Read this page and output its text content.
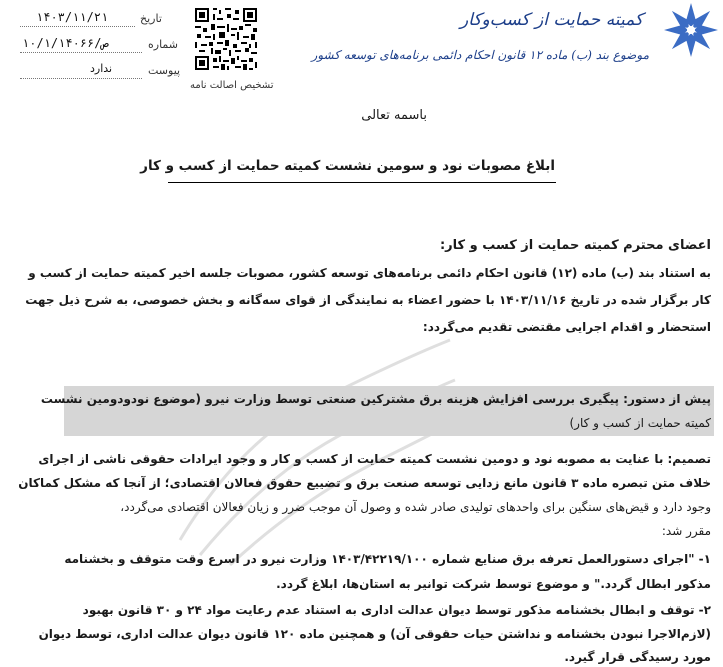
کمیته حمایت از کسب‌وکار
موضوع بند (ب) ماده ۱۲ قانون احکام دائمی برنامه‌های توسعه کشور
تاریخ
۱۴۰۳/۱۱/۲۱
شماره
۱۰/۱/۱۴۰۶۶/ص
پیوست
ندارد
تشخیص اصالت نامه
باسمه تعالی
ابلاغ مصوبات نود و سومین نشست کمیته حمایت از کسب و کار
اعضای محترم کمیته حمایت از کسب و کار:
به استناد بند (ب) ماده (۱۲) قانون احکام دائمی برنامه‌های توسعه کشور، مصوبات جلسه اخیر کمیته حمایت از کسب و
کار برگزار شده در تاریخ ۱۴۰۳/۱۱/۱۶ با حضور اعضاء به نمایندگی از قوای سه‌گانه و بخش خصوصی، به شرح ذیل جهت
استحضار و اقدام اجرایی مقتضی تقدیم می‌گردد:
پیش از دستور: پیگیری بررسی افزایش هزینه برق مشترکین صنعتی توسط وزارت نیرو (موضوع نودودومین نشست
کمیته حمایت از کسب و کار)
تصمیم: با عنایت به مصوبه نود و دومین نشست کمیته حمایت از کسب و کار و وجود ایرادات حقوقی ناشی از اجرای
خلاف متن تبصره ماده ۳ قانون مانع زدایی توسعه صنعت برق و تضییع حقوق فعالان اقتصادی؛ از آنجا که مشکل کماکان
وجود دارد و قیض‌های سنگین برای واحدهای تولیدی صادر شده و وصول آن موجب ضرر و زیان فعالان اقتصادی می‌گردد،
مقرر شد:
۱- "اجرای دستورالعمل تعرفه برق صنایع شماره ۱۴۰۳/۴۲۲۱۹/۱۰۰ وزارت نیرو در اسرع وقت متوقف و بخشنامه
مذکور ابطال گردد." و موضوع توسط شرکت توانیر به استان‌ها، ابلاغ گردد.
۲- توقف و ابطال بخشنامه مذکور توسط دیوان عدالت اداری به استناد عدم رعایت مواد ۲۴ و ۳۰ قانون بهبود
(لازم‌الاجرا نبودن بخشنامه و نداشتن حیات حقوقی آن) و همچنین ماده ۱۲۰ قانون دیوان عدالت اداری، توسط دیوان
مورد رسیدگی قرار گیرد.
